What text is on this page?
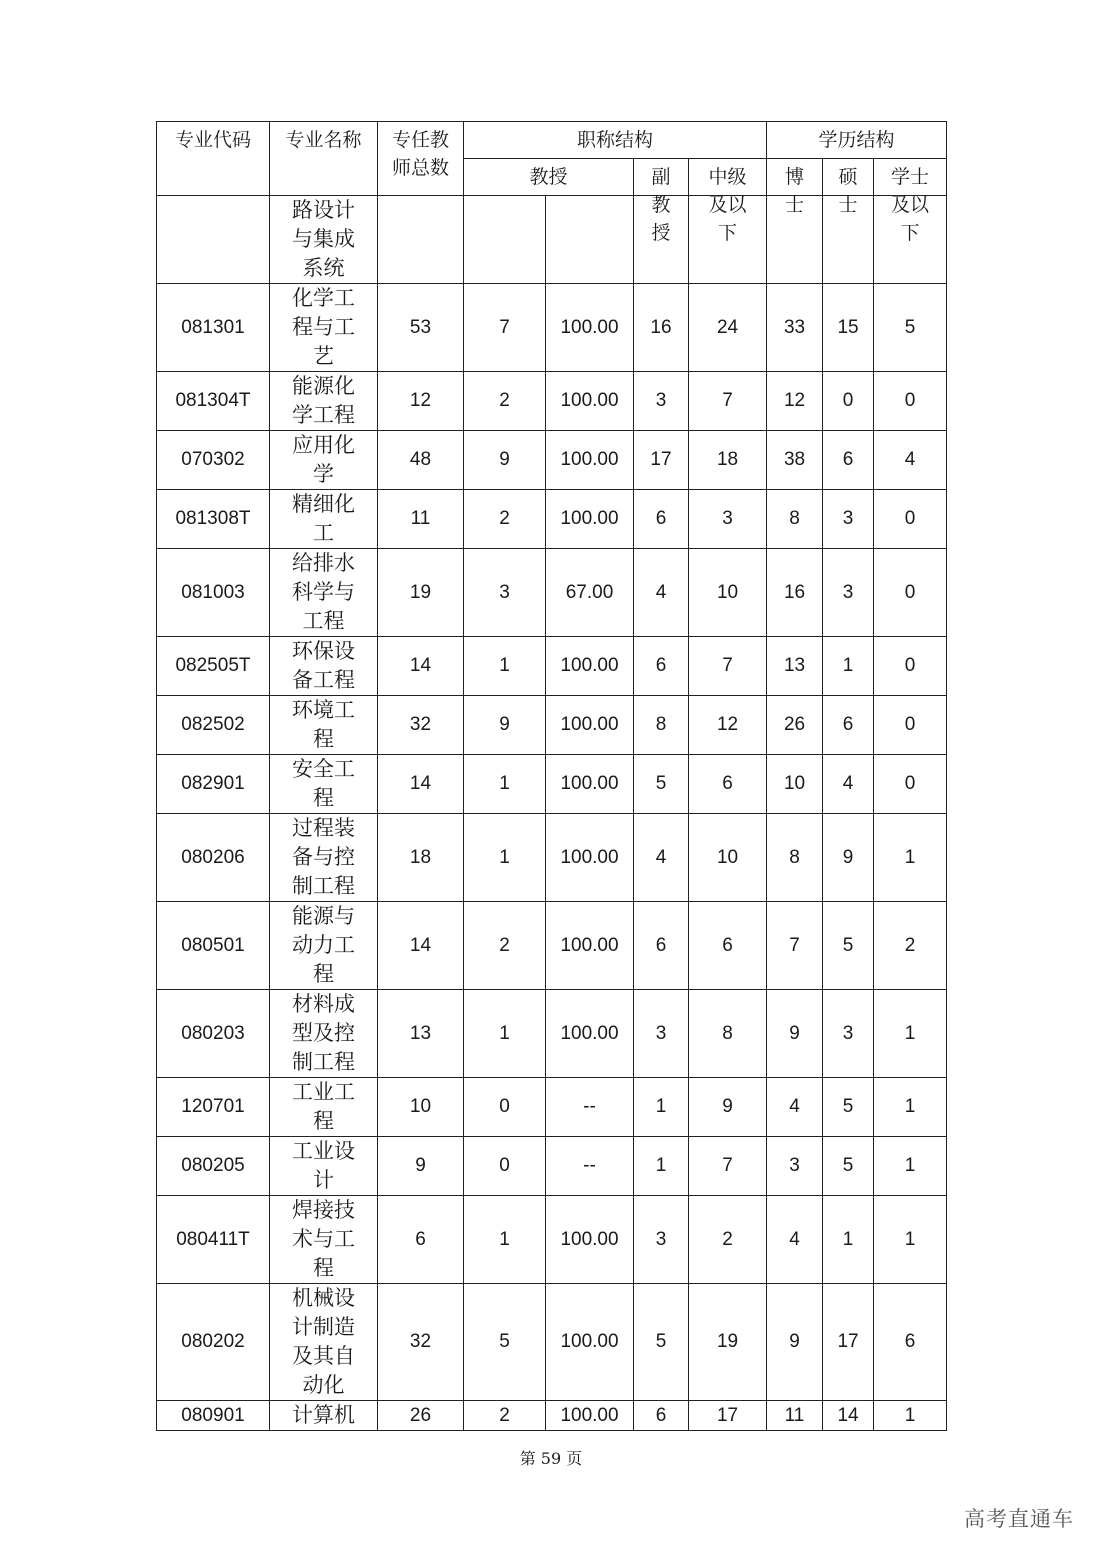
专业代码	专业名称	专任教师总数	职称结构				学历结构		
			教授		副教授	中级及以下	博士	硕士	学士及以下

	路设计与集成系统								

081301	化学工程与工艺	53	7	100.00	16	24	33	15	5
081304T	能源化学工程	12	2	100.00	3	7	12	0	0
070302	应用化学	48	9	100.00	17	18	38	6	4
081308T	精细化工	11	2	100.00	6	3	8	3	0
081003	给排水科学与工程	19	3	67.00	4	10	16	3	0
082505T	环保设备工程	14	1	100.00	6	7	13	1	0
082502	环境工程	32	9	100.00	8	12	26	6	0
082901	安全工程	14	1	100.00	5	6	10	4	0
080206	过程装备与控制工程	18	1	100.00	4	10	8	9	1
080501	能源与动力工程	14	2	100.00	6	6	7	5	2
080203	材料成型及控制工程	13	1	100.00	3	8	9	3	1
120701	工业工程	10	0	--	1	9	4	5	1
080205	工业设计	9	0	--	1	7	3	5	1
080411T	焊接技术与工程	6	1	100.00	3	2	4	1	1
080202	机械设计制造及其自动化	32	5	100.00	5	19	9	17	6
080901	计算机	26	2	100.00	6	17	11	14	1
第 59 页
高考直通车
